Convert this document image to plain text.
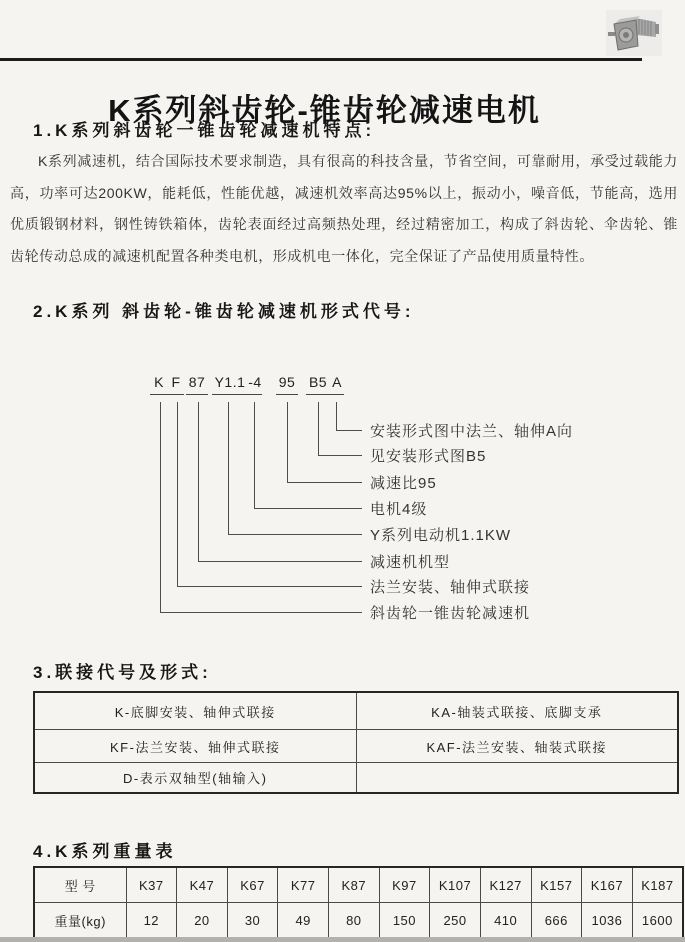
K系列斜齿轮-锥齿轮减速电机
1.K系列斜齿轮一锥齿轮减速机特点:

K系列减速机，结合国际技术要求制造，具有很高的科技含量，节省空间，可靠耐用，承受过载能力高，功率可达200KW，能耗低，性能优越，减速机效率高达95%以上，振动小，噪音低，节能高，选用优质锻钢材料，钢性铸铁箱体，齿轮表面经过高频热处理，经过精密加工，构成了斜齿轮、伞齿轮、锥齿轮传动总成的减速机配置各种类电机，形成机电一体化，完全保证了产品使用质量特性。

2.K系列 斜齿轮-锥齿轮减速机形式代号:
K F 87 Y1.1 -4 95 B5 A
安装形式图中法兰、轴伸A向
见安装形式图B5
减速比95
电机4级
Y系列电动机1.1KW
减速机机型
法兰安装、轴伸式联接
斜齿轮一锥齿轮减速机
3.联接代号及形式:
K-底脚安装、轴伸式联接	KA-轴装式联接、底脚支承
KF-法兰安装、轴伸式联接	KAF-法兰安装、轴装式联接
D-表示双轴型(轴输入)	
4.K系列重量表
型 号	K37	K47	K67	K77	K87	K97	K107	K127	K157	K167	K187
重量(kg)	12	20	30	49	80	150	250	410	666	1036	1600
